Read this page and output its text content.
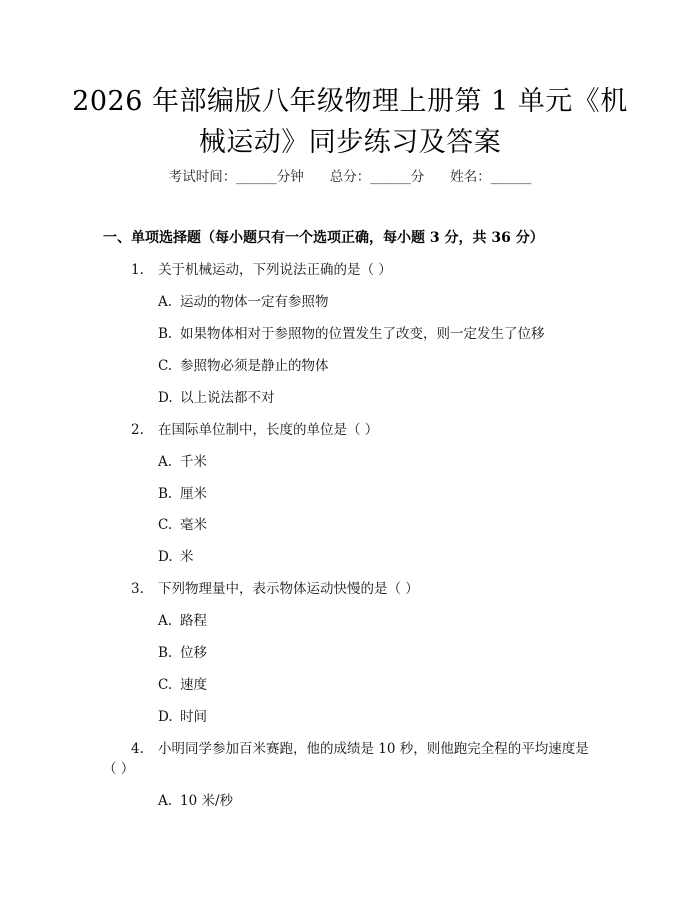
2026 年部编版八年级物理上册第 1 单元《机
械运动》同步练习及答案
考试时间：______分钟 总分：______分 姓名：______
一、单项选择题（每小题只有一个选项正确，每小题 3 分，共 36 分）
1. 关于机械运动，下列说法正确的是（ ）
A. 运动的物体一定有参照物
B. 如果物体相对于参照物的位置发生了改变，则一定发生了位移
C. 参照物必须是静止的物体
D. 以上说法都不对
2. 在国际单位制中，长度的单位是（ ）
A. 千米
B. 厘米
C. 毫米
D. 米
3. 下列物理量中，表示物体运动快慢的是（ ）
A. 路程
B. 位移
C. 速度
D. 时间
4. 小明同学参加百米赛跑，他的成绩是 10 秒，则他跑完全程的平均速度是
（ ）
A. 10 米/秒
